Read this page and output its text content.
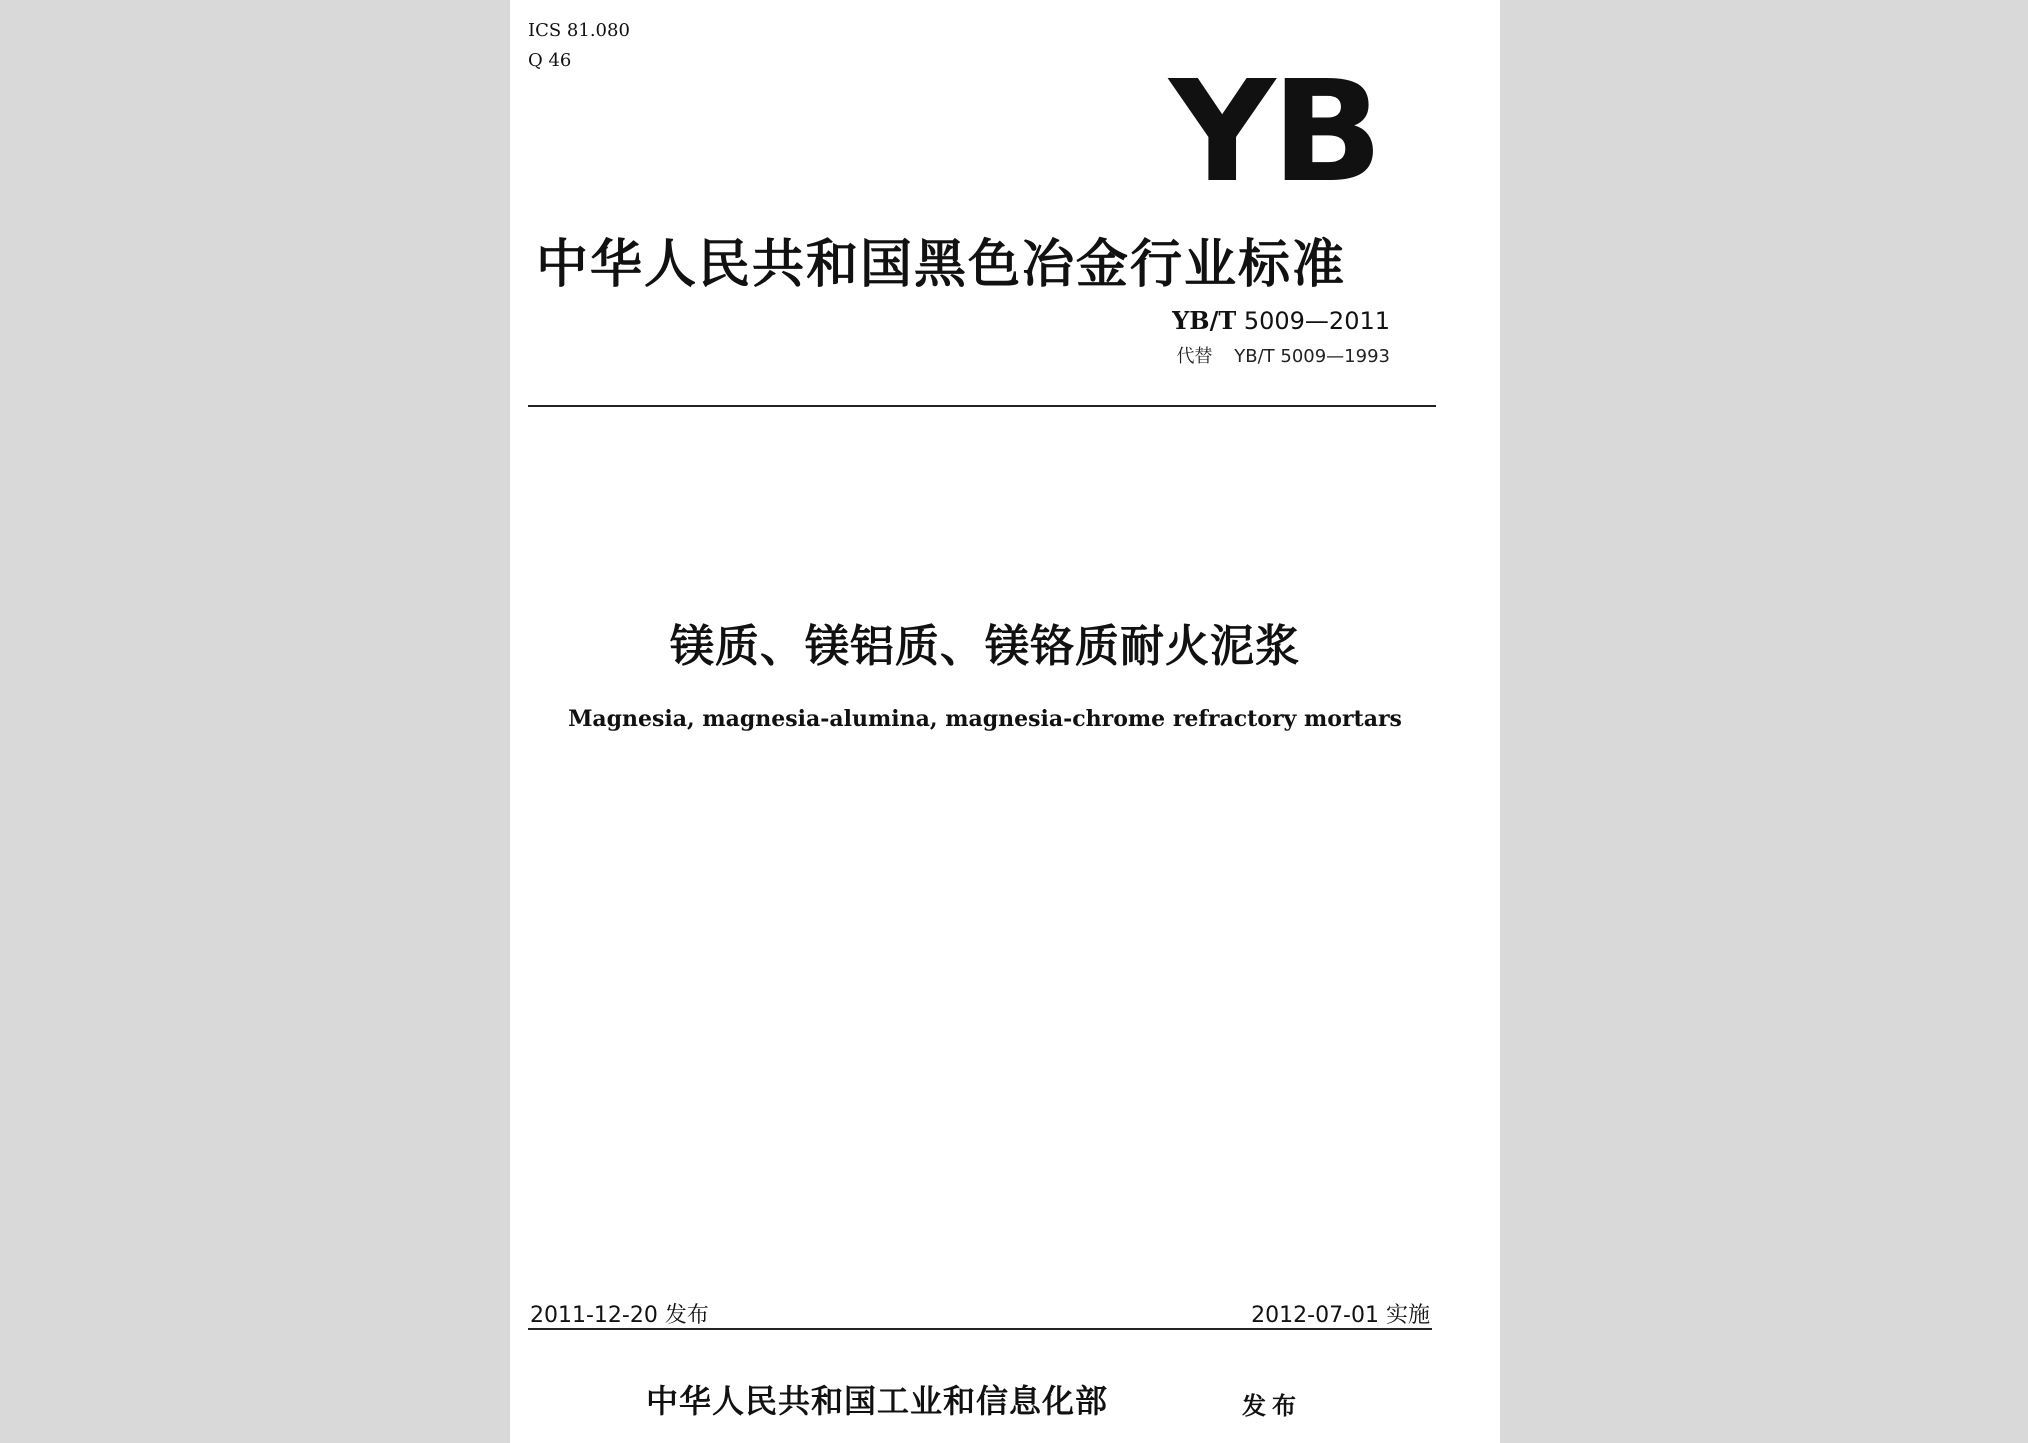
ICS 81.080
Q 46	YB
中华人民共和国黑色冶金行业标准
YB/T 5009—2011
代替 YB/T 5009—1993
镁质、镁铝质、镁铬质耐火泥浆
Magnesia, magnesia-alumina, magnesia-chrome refractory mortars
2011-12-20 发布	2012-07-01 实施
中华人民共和国工业和信息化部	发布
